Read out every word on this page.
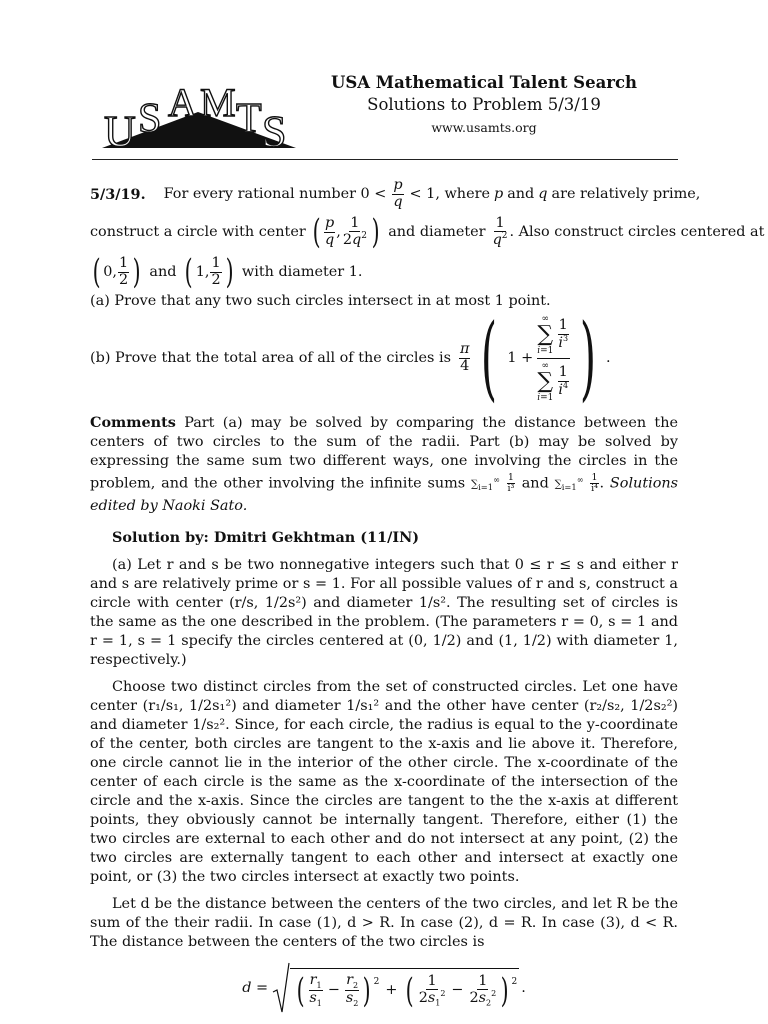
U S A M T S
USA Mathematical Talent Search
Solutions to Problem 5/3/19
www.usamts.org
5/3/19. For every rational number $0 < \frac{p}{q} < 1$, where p and q are relatively prime,
construct a circle with center ( $\frac{p}{q}$ , $\frac{1}{2q^2}$ ) and diameter $\frac{1}{q^2}$ . Also construct circles centered at
( 0, $\frac{1}{2}$ ) and ( 1, $\frac{1}{2}$ ) with diameter 1.

(a) Prove that any two such circles intersect in at most 1 point.

(b) Prove that the total area of all of the circles is $\frac{\pi}{4}$ ( 1 + ∞
∑
$i=1 \frac{1}{i^3}$
∞
∑
$i=1 \frac{1}{i^4}$ ) .

Comments Part (a) may be solved by comparing the distance between the centers of two circles to the sum of the radii. Part (b) may be solved by expressing the same sum two different ways, one involving the circles in the problem, and the other involving the infinite sums $\sum_{i=1}^\infty \frac{1}{\text{i³}}$ and $\sum_{i=1}^\infty \frac{1}{\text{i⁴}}$ . Solutions edited by Naoki Sato.

Solution by: Dmitri Gekhtman (11/IN)

(a) Let r and s be two nonnegative integers such that 0 ≤ r ≤ s and either r and s are relatively prime or s = 1. For all possible values of r and s, construct a circle with center (r/s, 1/2s²) and diameter 1/s². The resulting set of circles is the same as the one described in the problem. (The parameters r = 0, s = 1 and r = 1, s = 1 specify the circles centered at (0, 1/2) and (1, 1/2) with diameter 1, respectively.)

Choose two distinct circles from the set of constructed circles. Let one have center (r₁/s₁, 1/2s₁²) and diameter 1/s₁² and the other have center (r₂/s₂, 1/2s₂²) and diameter 1/s₂². Since, for each circle, the radius is equal to the y-coordinate of the center, both circles are tangent to the x-axis and lie above it. Therefore, one circle cannot lie in the interior of the other circle. The x-coordinate of the center of each circle is the same as the x-coordinate of the intersection of the circle and the x-axis. Since the circles are tangent to the the x-axis at different points, they obviously cannot be internally tangent. Therefore, either (1) the two circles are external to each other and do not intersect at any point, (2) the two circles are externally tangent to each other and intersect at exactly one point, or (3) the two circles intersect at exactly two points.

Let d be the distance between the centers of the two circles, and let R be the sum of the their radii. In case (1), d > R. In case (2), d = R. In case (3), d < R. The distance between the centers of the two circles is

d = ( $\frac{r_1}{s_1} - \frac{r_2}{s_2}$ ) $^2$
+ ( $\frac{1}{2s_1^2} - \frac{1}{2s_2^2}$ ) $^2$ .
